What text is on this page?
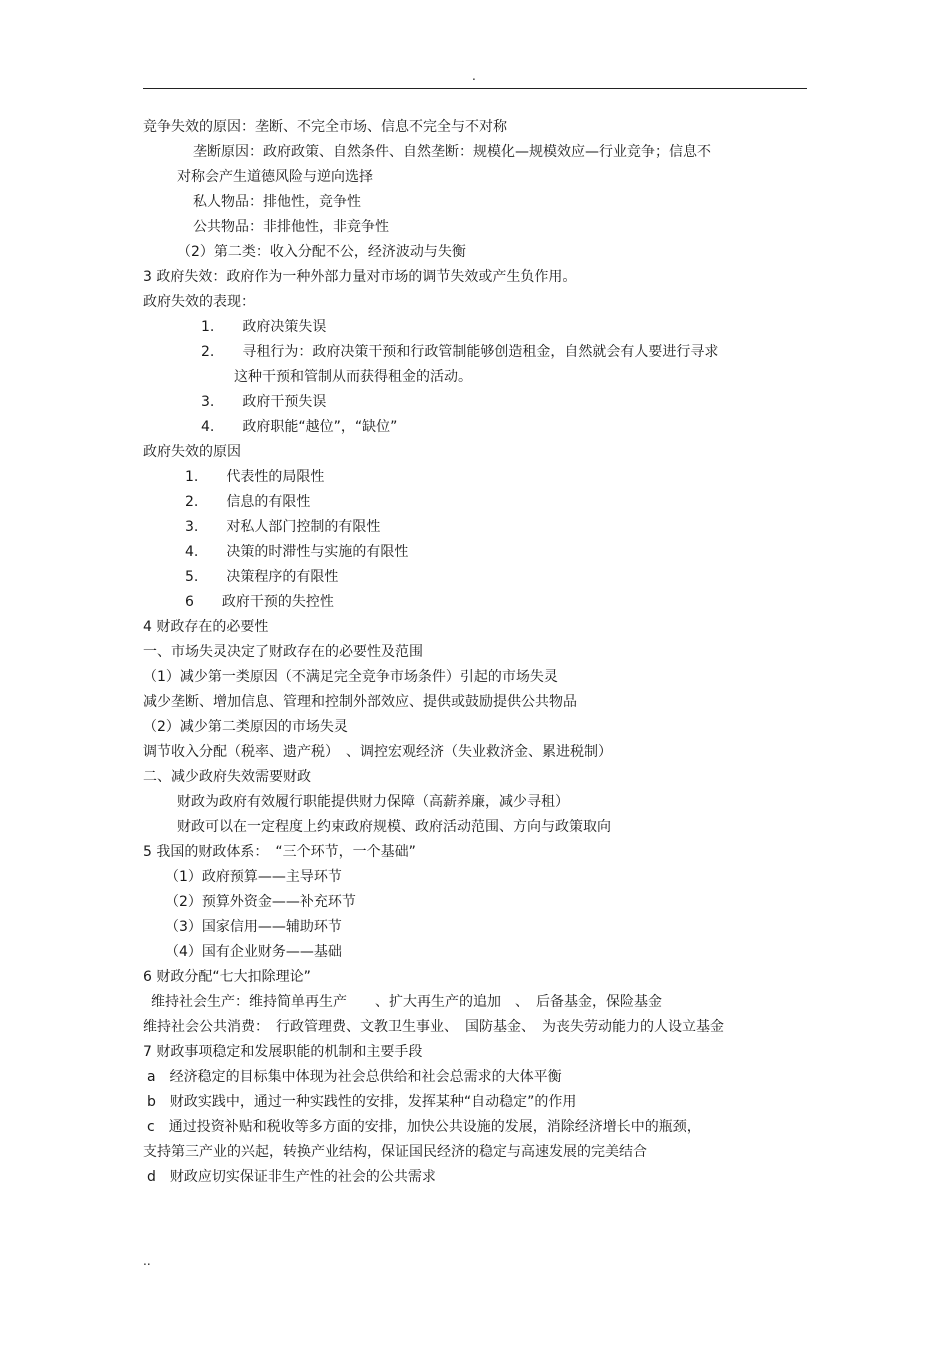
.
竞争失效的原因：垄断、不完全市场、信息不完全与不对称
垄断原因：政府政策、自然条件、自然垄断：规模化—规模效应—行业竞争；信息不
对称会产生道德风险与逆向选择
私人物品：排他性，竞争性
公共物品：非排他性，非竞争性
（2）第二类：收入分配不公，经济波动与失衡
3 政府失效：政府作为一种外部力量对市场的调节失效或产生负作用。
政府失效的表现：
1.　　政府决策失误
2.　　寻租行为：政府决策干预和行政管制能够创造租金，自然就会有人要进行寻求
这种干预和管制从而获得租金的活动。
3.　　政府干预失误
4.　　政府职能“越位”，“缺位”
政府失效的原因
1.　　代表性的局限性
2.　　信息的有限性
3.　　对私人部门控制的有限性
4.　　决策的时滞性与实施的有限性
5.　　决策程序的有限性
6　　政府干预的失控性
4 财政存在的必要性
一、市场失灵决定了财政存在的必要性及范围
（1）减少第一类原因（不满足完全竞争市场条件）引起的市场失灵
减少垄断、增加信息、管理和控制外部效应、提供或鼓励提供公共物品
（2）减少第二类原因的市场失灵
调节收入分配（税率、遗产税）　、调控宏观经济（失业救济金、累进税制）
二、减少政府失效需要财政
财政为政府有效履行职能提供财力保障（高薪养廉，减少寻租）
财政可以在一定程度上约束政府规模、政府活动范围、方向与政策取向
5 我国的财政体系：　“三个环节，一个基础”
（1）政府预算——主导环节
（2）预算外资金——补充环节
（3）国家信用——辅助环节
（4）国有企业财务——基础
6 财政分配“七大扣除理论”
维持社会生产：维持简单再生产　　、扩大再生产的追加　、　后备基金，保险基金
维持社会公共消费：　行政管理费、文教卫生事业、　国防基金、　为丧失劳动能力的人设立基金
7 财政事项稳定和发展职能的机制和主要手段
a　经济稳定的目标集中体现为社会总供给和社会总需求的大体平衡
b　财政实践中，通过一种实践性的安排，发挥某种“自动稳定”的作用
c　通过投资补贴和税收等多方面的安排，加快公共设施的发展，消除经济增长中的瓶颈，
支持第三产业的兴起，转换产业结构，保证国民经济的稳定与高速发展的完美结合
d　财政应切实保证非生产性的社会的公共需求
..
